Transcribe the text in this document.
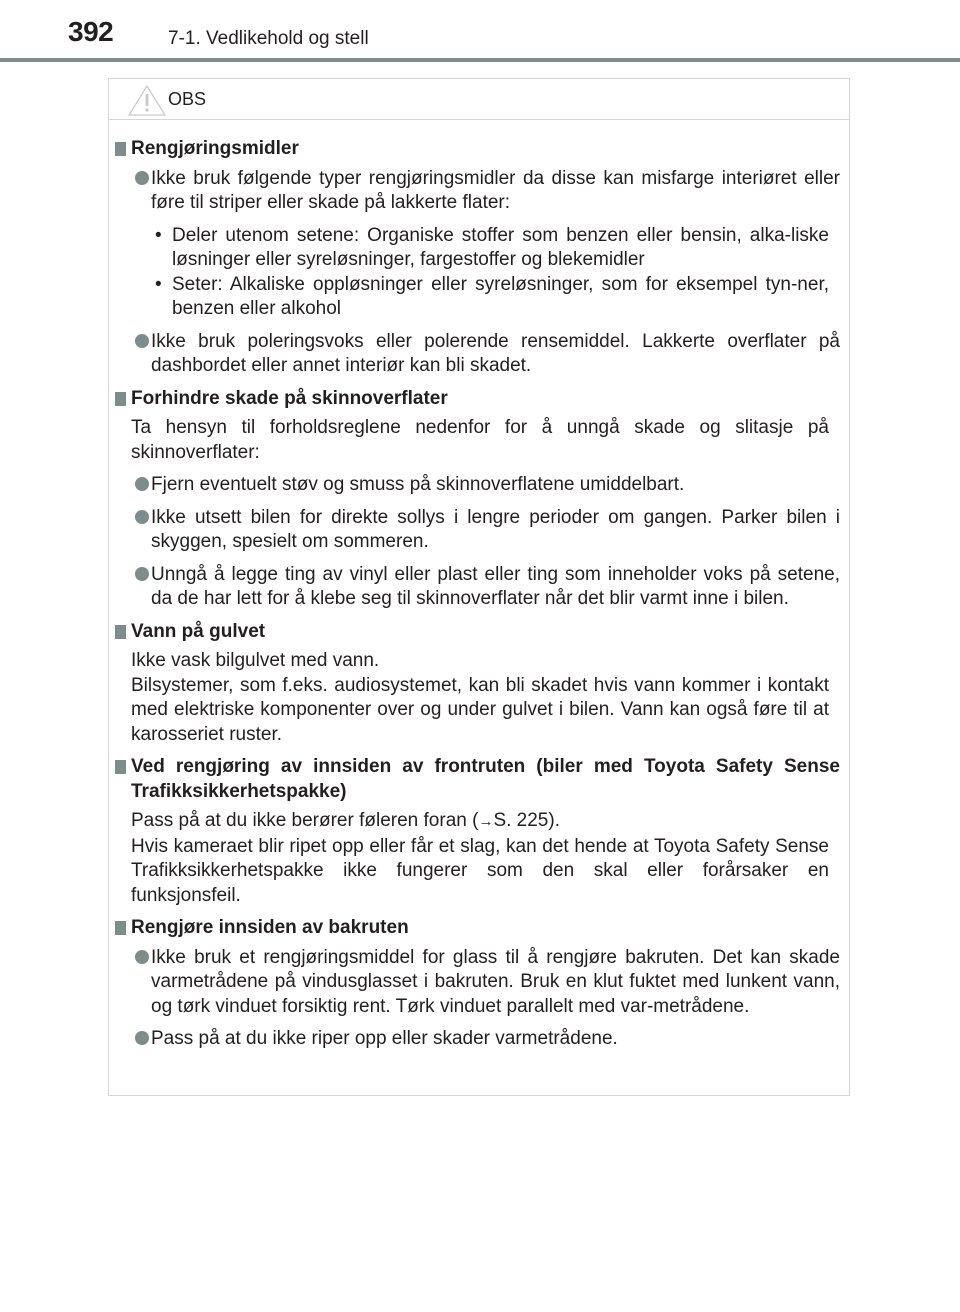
392	7-1. Vedlikehold og stell
OBS

Rengjøringsmidler

Ikke bruk følgende typer rengjøringsmidler da disse kan misfarge interiøret eller føre til striper eller skade på lakkerte flater:

• Deler utenom setene: Organiske stoffer som benzen eller bensin, alka-liske løsninger eller syreløsninger, fargestoffer og blekemidler

• Seter: Alkaliske oppløsninger eller syreløsninger, som for eksempel tyn-ner, benzen eller alkohol

Ikke bruk poleringsvoks eller polerende rensemiddel. Lakkerte overflater på dashbordet eller annet interiør kan bli skadet.

Forhindre skade på skinnoverflater

Ta hensyn til forholdsreglene nedenfor for å unngå skade og slitasje på skinnoverflater:

Fjern eventuelt støv og smuss på skinnoverflatene umiddelbart.

Ikke utsett bilen for direkte sollys i lengre perioder om gangen. Parker bilen i skyggen, spesielt om sommeren.

Unngå å legge ting av vinyl eller plast eller ting som inneholder voks på setene, da de har lett for å klebe seg til skinnoverflater når det blir varmt inne i bilen.

Vann på gulvet

Ikke vask bilgulvet med vann.

Bilsystemer, som f.eks. audiosystemet, kan bli skadet hvis vann kommer i kontakt med elektriske komponenter over og under gulvet i bilen. Vann kan også føre til at karosseriet ruster.

Ved rengjøring av innsiden av frontruten (biler med Toyota Safety Sense Trafikksikkerhetspakke)

Pass på at du ikke berører føleren foran (→S. 225).

Hvis kameraet blir ripet opp eller får et slag, kan det hende at Toyota Safety Sense Trafikksikkerhetspakke ikke fungerer som den skal eller forårsaker en funksjonsfeil.

Rengjøre innsiden av bakruten

Ikke bruk et rengjøringsmiddel for glass til å rengjøre bakruten. Det kan skade varmetrådene på vindusglasset i bakruten. Bruk en klut fuktet med lunkent vann, og tørk vinduet forsiktig rent. Tørk vinduet parallelt med var-metrådene.

Pass på at du ikke riper opp eller skader varmetrådene.
